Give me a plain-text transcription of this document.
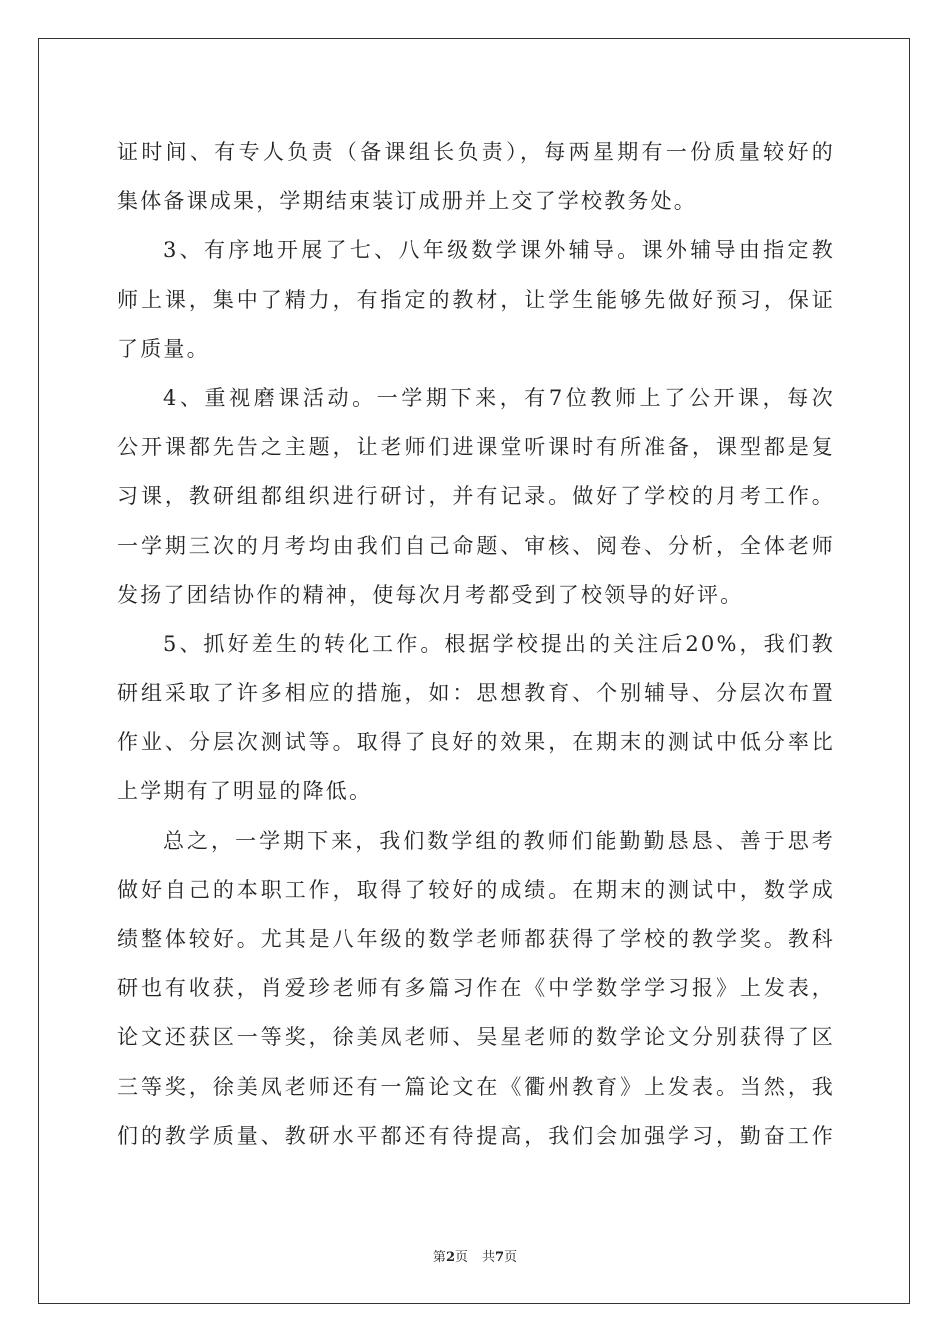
证时间、有专人负责（备课组长负责），每两星期有一份质量较好的
集体备课成果，学期结束装订成册并上交了学校教务处。
3、有序地开展了七、八年级数学课外辅导。课外辅导由指定教
师上课，集中了精力，有指定的教材，让学生能够先做好预习，保证
了质量。
4、重视磨课活动。一学期下来，有7位教师上了公开课，每次
公开课都先告之主题，让老师们进课堂听课时有所准备，课型都是复
习课，教研组都组织进行研讨，并有记录。做好了学校的月考工作。
一学期三次的月考均由我们自己命题、审核、阅卷、分析，全体老师
发扬了团结协作的精神，使每次月考都受到了校领导的好评。
5、抓好差生的转化工作。根据学校提出的关注后20%，我们教
研组采取了许多相应的措施，如：思想教育、个别辅导、分层次布置
作业、分层次测试等。取得了良好的效果，在期末的测试中低分率比
上学期有了明显的降低。
总之，一学期下来，我们数学组的教师们能勤勤恳恳、善于思考
做好自己的本职工作，取得了较好的成绩。在期末的测试中，数学成
绩整体较好。尤其是八年级的数学老师都获得了学校的教学奖。教科
研也有收获，肖爱珍老师有多篇习作在《中学数学学习报》上发表，
论文还获区一等奖，徐美凤老师、吴星老师的数学论文分别获得了区
三等奖，徐美凤老师还有一篇论文在《衢州教育》上发表。当然，我
们的教学质量、教研水平都还有待提高，我们会加强学习，勤奋工作
第2页 共7页
